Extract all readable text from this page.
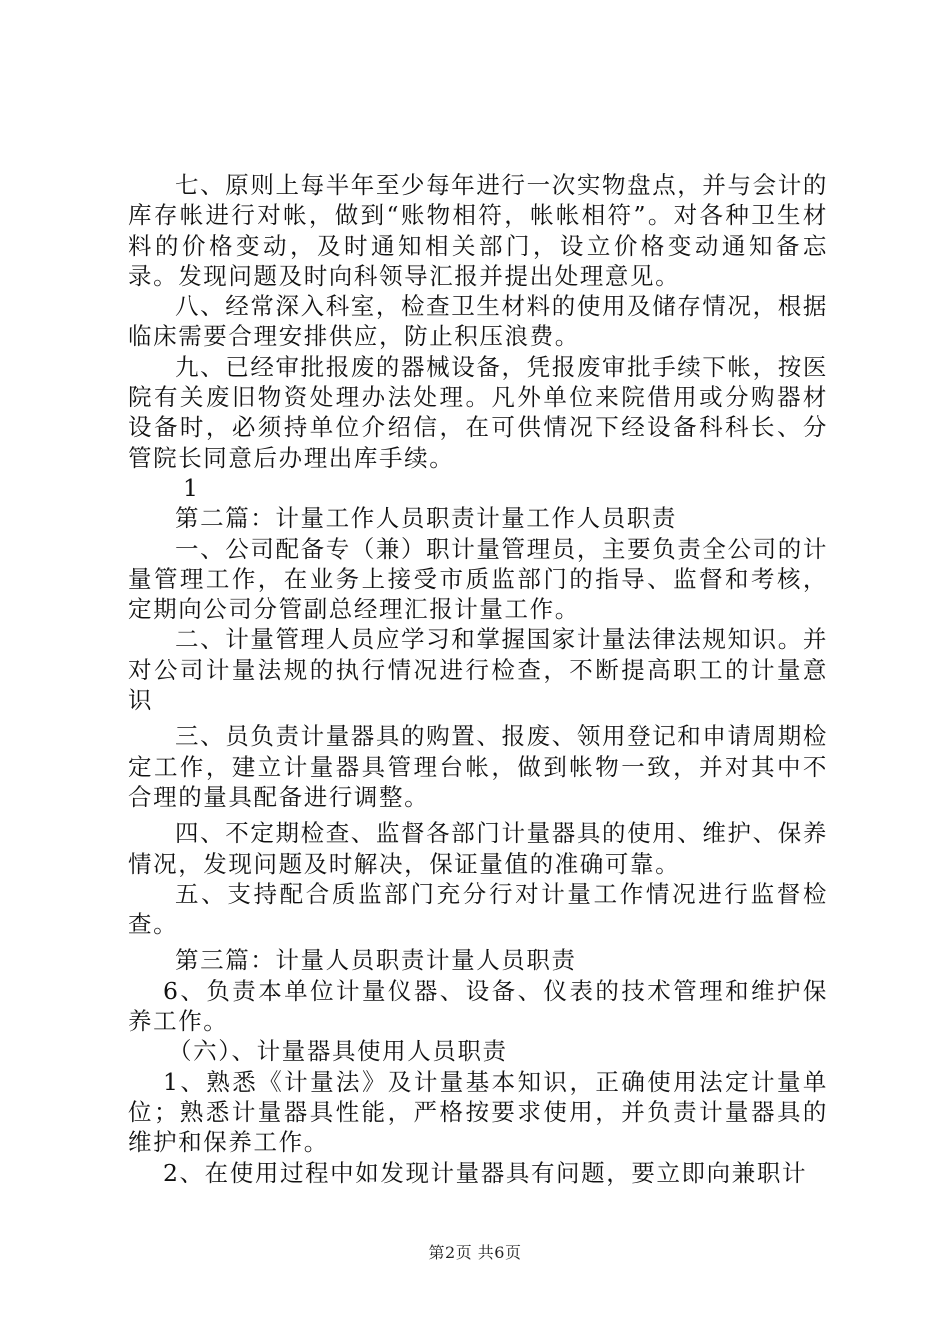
七、原则上每半年至少每年进行一次实物盘点，并与会计的库存帐进行对帐，做到“账物相符，帐帐相符”。对各种卫生材料的价格变动，及时通知相关部门，设立价格变动通知备忘录。发现问题及时向科领导汇报并提出处理意见。

八、经常深入科室，检查卫生材料的使用及储存情况，根据临床需要合理安排供应，防止积压浪费。

九、已经审批报废的器械设备，凭报废审批手续下帐，按医院有关废旧物资处理办法处理。凡外单位来院借用或分购器材设备时，必须持单位介绍信，在可供情况下经设备科科长、分管院长同意后办理出库手续。

1

第二篇：计量工作人员职责计量工作人员职责

一、公司配备专（兼）职计量管理员，主要负责全公司的计量管理工作，在业务上接受市质监部门的指导、监督和考核，定期向公司分管副总经理汇报计量工作。

二、计量管理人员应学习和掌握国家计量法律法规知识。并对公司计量法规的执行情况进行检查，不断提高职工的计量意识

三、员负责计量器具的购置、报废、领用登记和申请周期检定工作，建立计量器具管理台帐，做到帐物一致，并对其中不合理的量具配备进行调整。

四、不定期检查、监督各部门计量器具的使用、维护、保养情况，发现问题及时解决，保证量值的准确可靠。

五、支持配合质监部门充分行对计量工作情况进行监督检查。

第三篇：计量人员职责计量人员职责

6、负责本单位计量仪器、设备、仪表的技术管理和维护保养工作。

（六）、计量器具使用人员职责

1、熟悉《计量法》及计量基本知识，正确使用法定计量单位；熟悉计量器具性能，严格按要求使用，并负责计量器具的维护和保养工作。

2、在使用过程中如发现计量器具有问题，要立即向兼职计

第2页 共6页
